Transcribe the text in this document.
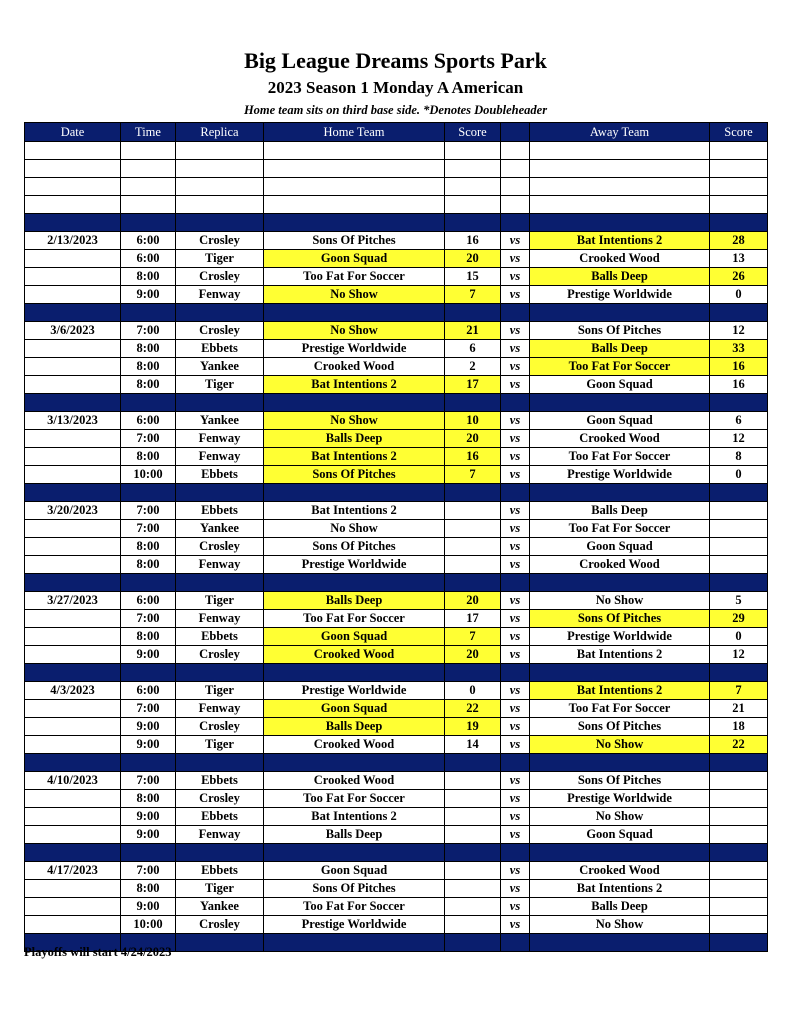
Big League Dreams Sports Park
2023 Season 1 Monday A American
Home team sits on third base side. *Denotes Doubleheader
Date	Time	Replica	Home Team	Score		Away Team	Score

2/13/2023	6:00	Crosley	Sons Of Pitches	16	vs	Bat Intentions 2	28
	6:00	Tiger	Goon Squad	20	vs	Crooked Wood	13
	8:00	Crosley	Too Fat For Soccer	15	vs	Balls Deep	26
	9:00	Fenway	No Show	7	vs	Prestige Worldwide	0

3/6/2023	7:00	Crosley	No Show	21	vs	Sons Of Pitches	12
	8:00	Ebbets	Prestige Worldwide	6	vs	Balls Deep	33
	8:00	Yankee	Crooked Wood	2	vs	Too Fat For Soccer	16
	8:00	Tiger	Bat Intentions 2	17	vs	Goon Squad	16

3/13/2023	6:00	Yankee	No Show	10	vs	Goon Squad	6
	7:00	Fenway	Balls Deep	20	vs	Crooked Wood	12
	8:00	Fenway	Bat Intentions 2	16	vs	Too Fat For Soccer	8
	10:00	Ebbets	Sons Of Pitches	7	vs	Prestige Worldwide	0

3/20/2023	7:00	Ebbets	Bat Intentions 2		vs	Balls Deep	
	7:00	Yankee	No Show		vs	Too Fat For Soccer	
	8:00	Crosley	Sons Of Pitches		vs	Goon Squad	
	8:00	Fenway	Prestige Worldwide		vs	Crooked Wood	

3/27/2023	6:00	Tiger	Balls Deep	20	vs	No Show	5
	7:00	Fenway	Too Fat For Soccer	17	vs	Sons Of Pitches	29
	8:00	Ebbets	Goon Squad	7	vs	Prestige Worldwide	0
	9:00	Crosley	Crooked Wood	20	vs	Bat Intentions 2	12

4/3/2023	6:00	Tiger	Prestige Worldwide	0	vs	Bat Intentions 2	7
	7:00	Fenway	Goon Squad	22	vs	Too Fat For Soccer	21
	9:00	Crosley	Balls Deep	19	vs	Sons Of Pitches	18
	9:00	Tiger	Crooked Wood	14	vs	No Show	22

4/10/2023	7:00	Ebbets	Crooked Wood		vs	Sons Of Pitches	
	8:00	Crosley	Too Fat For Soccer		vs	Prestige Worldwide	
	9:00	Ebbets	Bat Intentions 2		vs	No Show	
	9:00	Fenway	Balls Deep		vs	Goon Squad	

4/17/2023	7:00	Ebbets	Goon Squad		vs	Crooked Wood	
	8:00	Tiger	Sons Of Pitches		vs	Bat Intentions 2	
	9:00	Yankee	Too Fat For Soccer		vs	Balls Deep	
	10:00	Crosley	Prestige Worldwide		vs	No Show	

Playoffs will start 4/24/2023
